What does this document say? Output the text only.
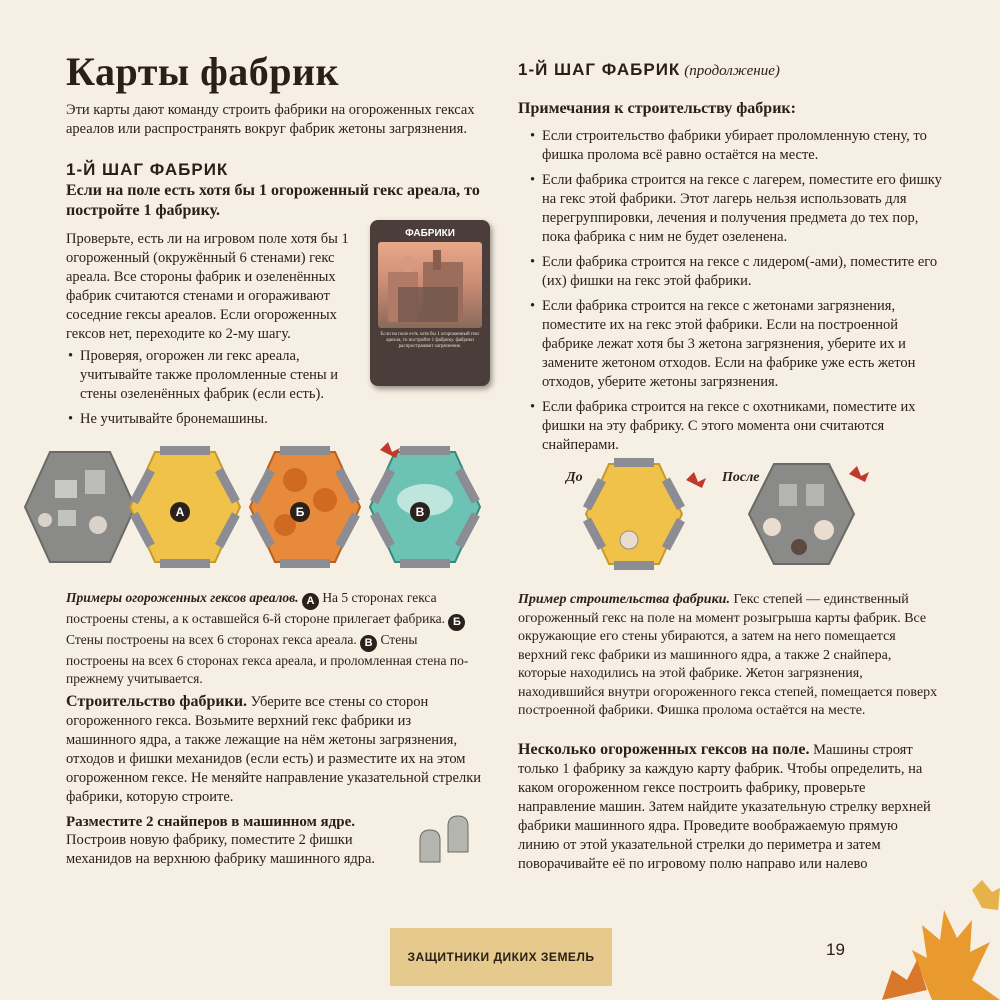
Карты фабрик
Эти карты дают команду строить фабрики на огороженных гексах ареалов или распространять вокруг фабрик жетоны загрязнения.
1-Й ШАГ ФАБРИК
Если на поле есть хотя бы 1 огороженный гекс ареала, то постройте 1 фабрику.
Проверьте, есть ли на игровом поле хотя бы 1 огороженный (окружённый 6 стенами) гекс ареала. Все стороны фабрик и озеленённых фабрик считаются стенами и огораживают соседние гексы ареалов. Если огороженных гексов нет, переходите ко 2-му шагу.
• Проверяя, огорожен ли гекс ареала, учитывайте также проломленные стены и стены озеленённых фабрик (если есть).
• Не учитывайте бронемашины.
ФАБРИКИ
Если на поле есть хотя бы 1 огороженный гекс ареала, то постройте 1 фабрику. фабрики распространяют загрязнение.
А	Б	В
Примеры огороженных гексов ареалов. А На 5 сторонах гекса построены стены, а к оставшейся 6-й стороне прилегает фабрика. Б Стены построены на всех 6 сторонах гекса ареала. В Стены построены на всех 6 сторонах гекса ареала, и проломленная стена по-прежнему учитывается.
Строительство фабрики. Уберите все стены со сторон огороженного гекса. Возьмите верхний гекс фабрики из машинного ядра, а также лежащие на нём жетоны загрязнения, отходов и фишки механидов (если есть) и разместите их на этом огороженном гексе. Не меняйте направление указательной стрелки фабрики, которую строите.
Разместите 2 снайперов в машинном ядре.
Построив новую фабрику, поместите 2 фишки механидов на верхнюю фабрику машинного ядра.
1-Й ШАГ ФАБРИК (продолжение)
Примечания к строительству фабрик:
• Если строительство фабрики убирает проломленную стену, то фишка пролома всё равно остаётся на месте.
• Если фабрика строится на гексе с лагерем, поместите его фишку на гекс этой фабрики. Этот лагерь нельзя использовать для перегруппировки, лечения и получения предмета до тех пор, пока фабрика с ним не будет озеленена.
• Если фабрика строится на гексе с лидером(-ами), поместите его (их) фишки на гекс этой фабрики.
• Если фабрика строится на гексе с жетонами загрязнения, поместите их на гекс этой фабрики. Если на построенной фабрике лежат хотя бы 3 жетона загрязнения, уберите их и замените жетоном отходов. Если на фабрике уже есть жетон отходов, уберите жетоны загрязнения.
• Если фабрика строится на гексе с охотниками, поместите их фишки на эту фабрику. С этого момента они считаются снайперами.
До	После
Пример строительства фабрики. Гекс степей — единственный огороженный гекс на поле на момент розыгрыша карты фабрик. Все окружающие его стены убираются, а затем на него помещается верхний гекс фабрики из машинного ядра, а также 2 снайпера, которые находились на этой фабрике. Жетон загрязнения, находившийся внутри огороженного гекса степей, помещается поверх построенной фабрики. Фишка пролома остаётся на месте.
Несколько огороженных гексов на поле. Машины строят только 1 фабрику за каждую карту фабрик. Чтобы определить, на каком огороженном гексе построить фабрику, проверьте направление машин. Затем найдите указательную стрелку верхней фабрики машинного ядра. Проведите воображаемую прямую линию от этой указательной стрелки до периметра и затем поворачивайте её по игровому полю направо или налево
ЗАЩИТНИКИ ДИКИХ ЗЕМЕЛЬ	19
